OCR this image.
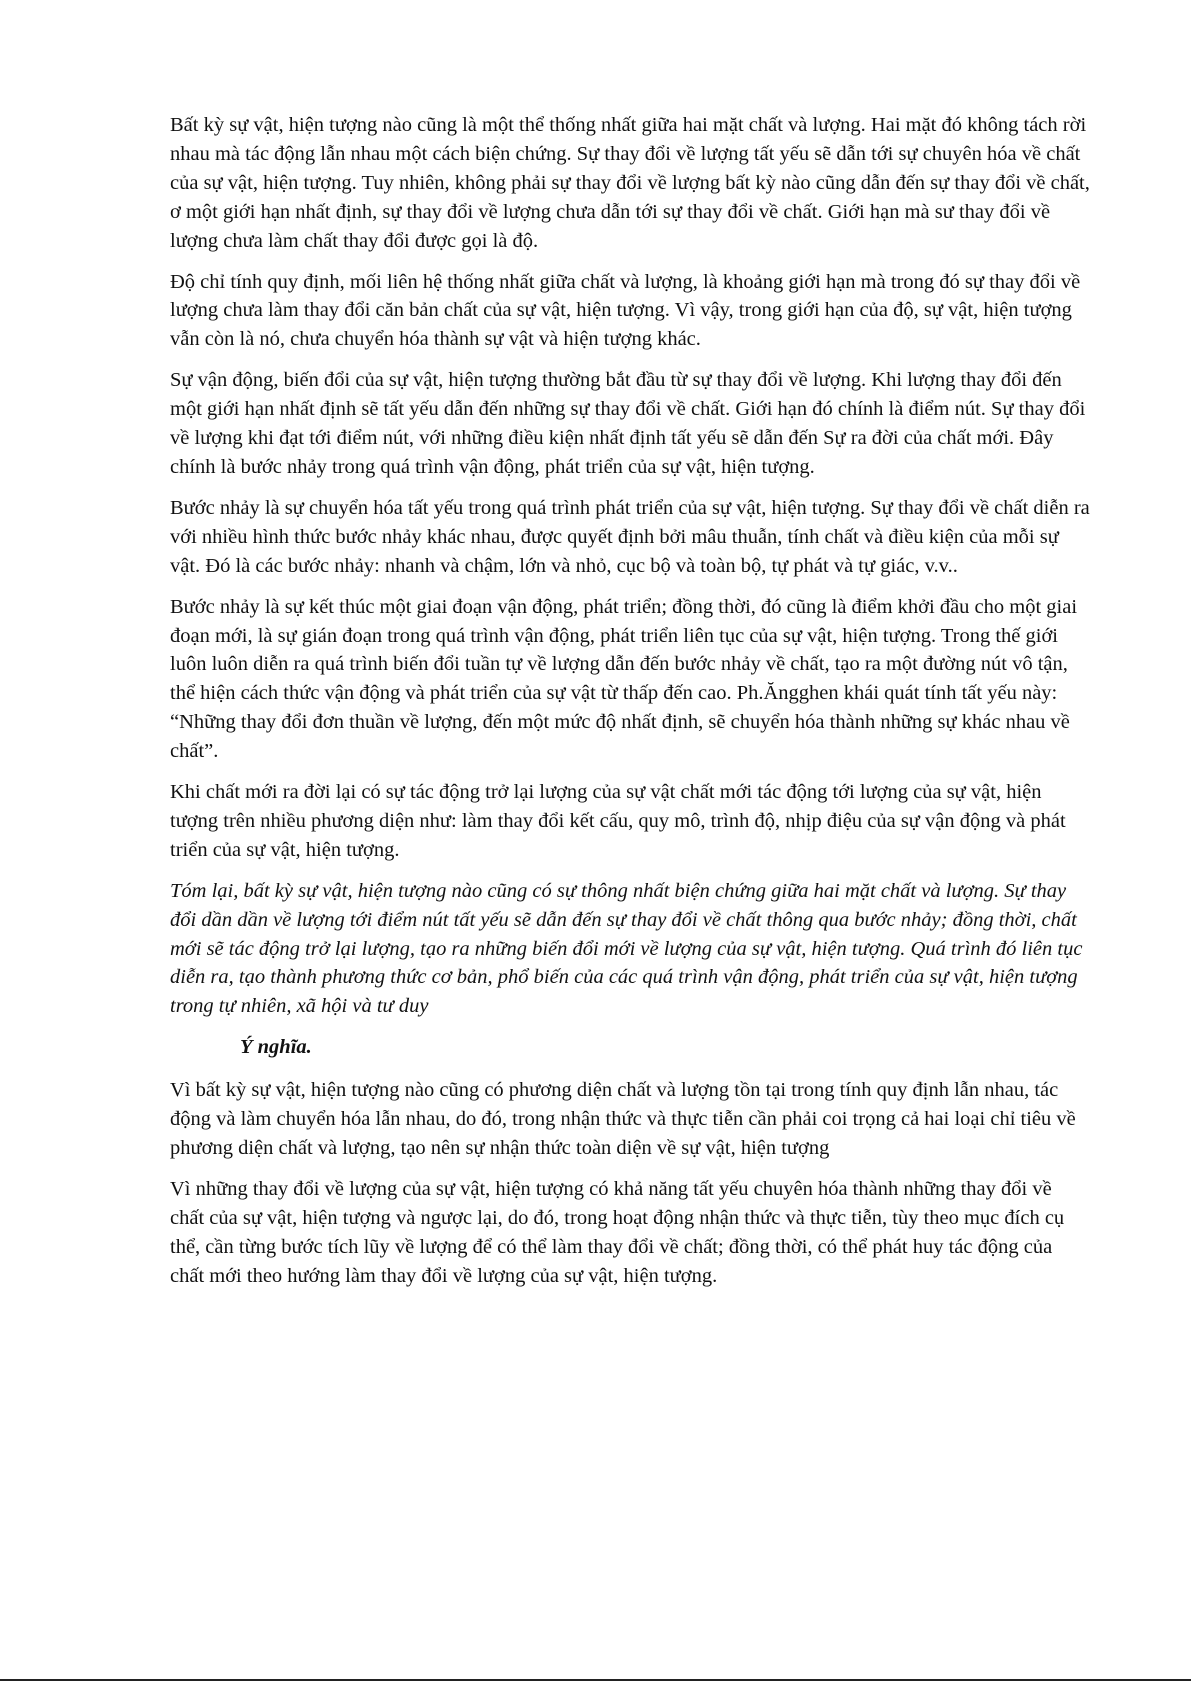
Bất kỳ sự vật, hiện tượng nào cũng là một thể thống nhất giữa hai mặt chất và lượng. Hai mặt đó không tách rời nhau mà tác động lẫn nhau một cách biện chứng. Sự thay đổi về lượng tất yếu sẽ dẫn tới sự chuyên hóa về chất của sự vật, hiện tượng. Tuy nhiên, không phải sự thay đổi về lượng bất kỳ nào cũng dẫn đến sự thay đổi về chất, ơ một giới hạn nhất định, sự thay đổi về lượng chưa dẫn tới sự thay đổi về chất. Giới hạn mà sư thay đổi về lượng chưa làm chất thay đổi được gọi là độ.

Độ chỉ tính quy định, mối liên hệ thống nhất giữa chất và lượng, là khoảng giới hạn mà trong đó sự thay đổi về lượng chưa làm thay đổi căn bản chất của sự vật, hiện tượng. Vì vậy, trong giới hạn của độ, sự vật, hiện tượng vẫn còn là nó, chưa chuyển hóa thành sự vật và hiện tượng khác.

Sự vận động, biến đổi của sự vật, hiện tượng thường bắt đầu từ sự thay đổi về lượng. Khi lượng thay đổi đến một giới hạn nhất định sẽ tất yếu dẫn đến những sự thay đổi về chất. Giới hạn đó chính là điểm nút. Sự thay đổi về lượng khi đạt tới điểm nút, với những điều kiện nhất định tất yếu sẽ dẫn đến Sự ra đời của chất mới. Đây chính là bước nhảy trong quá trình vận động, phát triển của sự vật, hiện tượng.

Bước nhảy là sự chuyển hóa tất yếu trong quá trình phát triển của sự vật, hiện tượng. Sự thay đổi về chất diễn ra với nhiều hình thức bước nhảy khác nhau, được quyết định bởi mâu thuẫn, tính chất và điều kiện của mỗi sự vật. Đó là các bước nhảy: nhanh và chậm, lớn và nhỏ, cục bộ và toàn bộ, tự phát và tự giác, v.v..

Bước nhảy là sự kết thúc một giai đoạn vận động, phát triển; đồng thời, đó cũng là điểm khởi đầu cho một giai đoạn mới, là sự gián đoạn trong quá trình vận động, phát triển liên tục của sự vật, hiện tượng. Trong thế giới luôn luôn diễn ra quá trình biến đổi tuần tự về lượng dẫn đến bước nhảy về chất, tạo ra một đường nút vô tận, thể hiện cách thức vận động và phát triển của sự vật từ thấp đến cao. Ph.Ăngghen khái quát tính tất yếu này: “Những thay đổi đơn thuần về lượng, đến một mức độ nhất định, sẽ chuyển hóa thành những sự khác nhau về chất”.

Khi chất mới ra đời lại có sự tác động trở lại lượng của sự vật chất mới tác động tới lượng của sự vật, hiện tượng trên nhiều phương diện như: làm thay đổi kết cấu, quy mô, trình độ, nhịp điệu của sự vận động và phát triển của sự vật, hiện tượng.

Tóm lại, bất kỳ sự vật, hiện tượng nào cũng có sự thông nhất biện chứng giữa hai mặt chất và lượng. Sự thay đổi dần dần về lượng tới điểm nút tất yếu sẽ dẫn đến sự thay đổi về chất thông qua bước nhảy; đồng thời, chất mới sẽ tác động trở lại lượng, tạo ra những biến đổi mới về lượng của sự vật, hiện tượng. Quá trình đó liên tục diễn ra, tạo thành phương thức cơ bản, phổ biến của các quá trình vận động, phát triển của sự vật, hiện tượng trong tự nhiên, xã hội và tư duy

Ý nghĩa.

Vì bất kỳ sự vật, hiện tượng nào cũng có phương diện chất và lượng tồn tại trong tính quy định lẫn nhau, tác động và làm chuyển hóa lẫn nhau, do đó, trong nhận thức và thực tiễn cần phải coi trọng cả hai loại chỉ tiêu về phương diện chất và lượng, tạo nên sự nhận thức toàn diện về sự vật, hiện tượng

Vì những thay đổi về lượng của sự vật, hiện tượng có khả năng tất yếu chuyên hóa thành những thay đổi về chất của sự vật, hiện tượng và ngược lại, do đó, trong hoạt động nhận thức và thực tiễn, tùy theo mục đích cụ thể, cần từng bước tích lũy về lượng để có thể làm thay đổi về chất; đồng thời, có thể phát huy tác động của chất mới theo hướng làm thay đổi về lượng của sự vật, hiện tượng.
